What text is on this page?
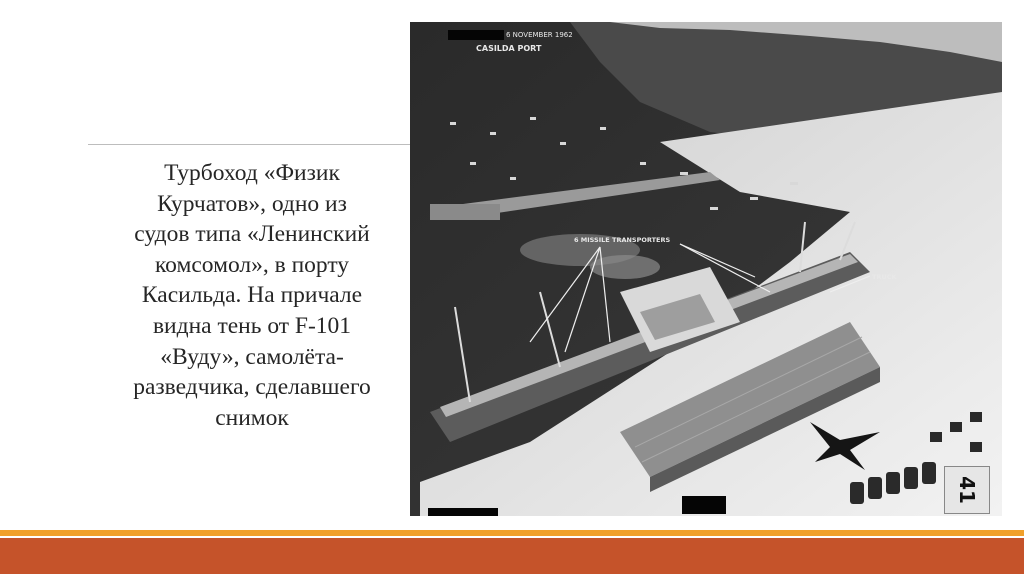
Турбоход «Физик
Курчатов», одно из
судов типа «Ленинский
комсомол», в порту
Касильда. На причале
видна тень от F-101
«Вуду», самолёта-
разведчика, сделавшего
снимок
6 NOVEMBER 1962
CASILDA PORT
6 MISSILE TRANSPORTERS
TRUCK
41
